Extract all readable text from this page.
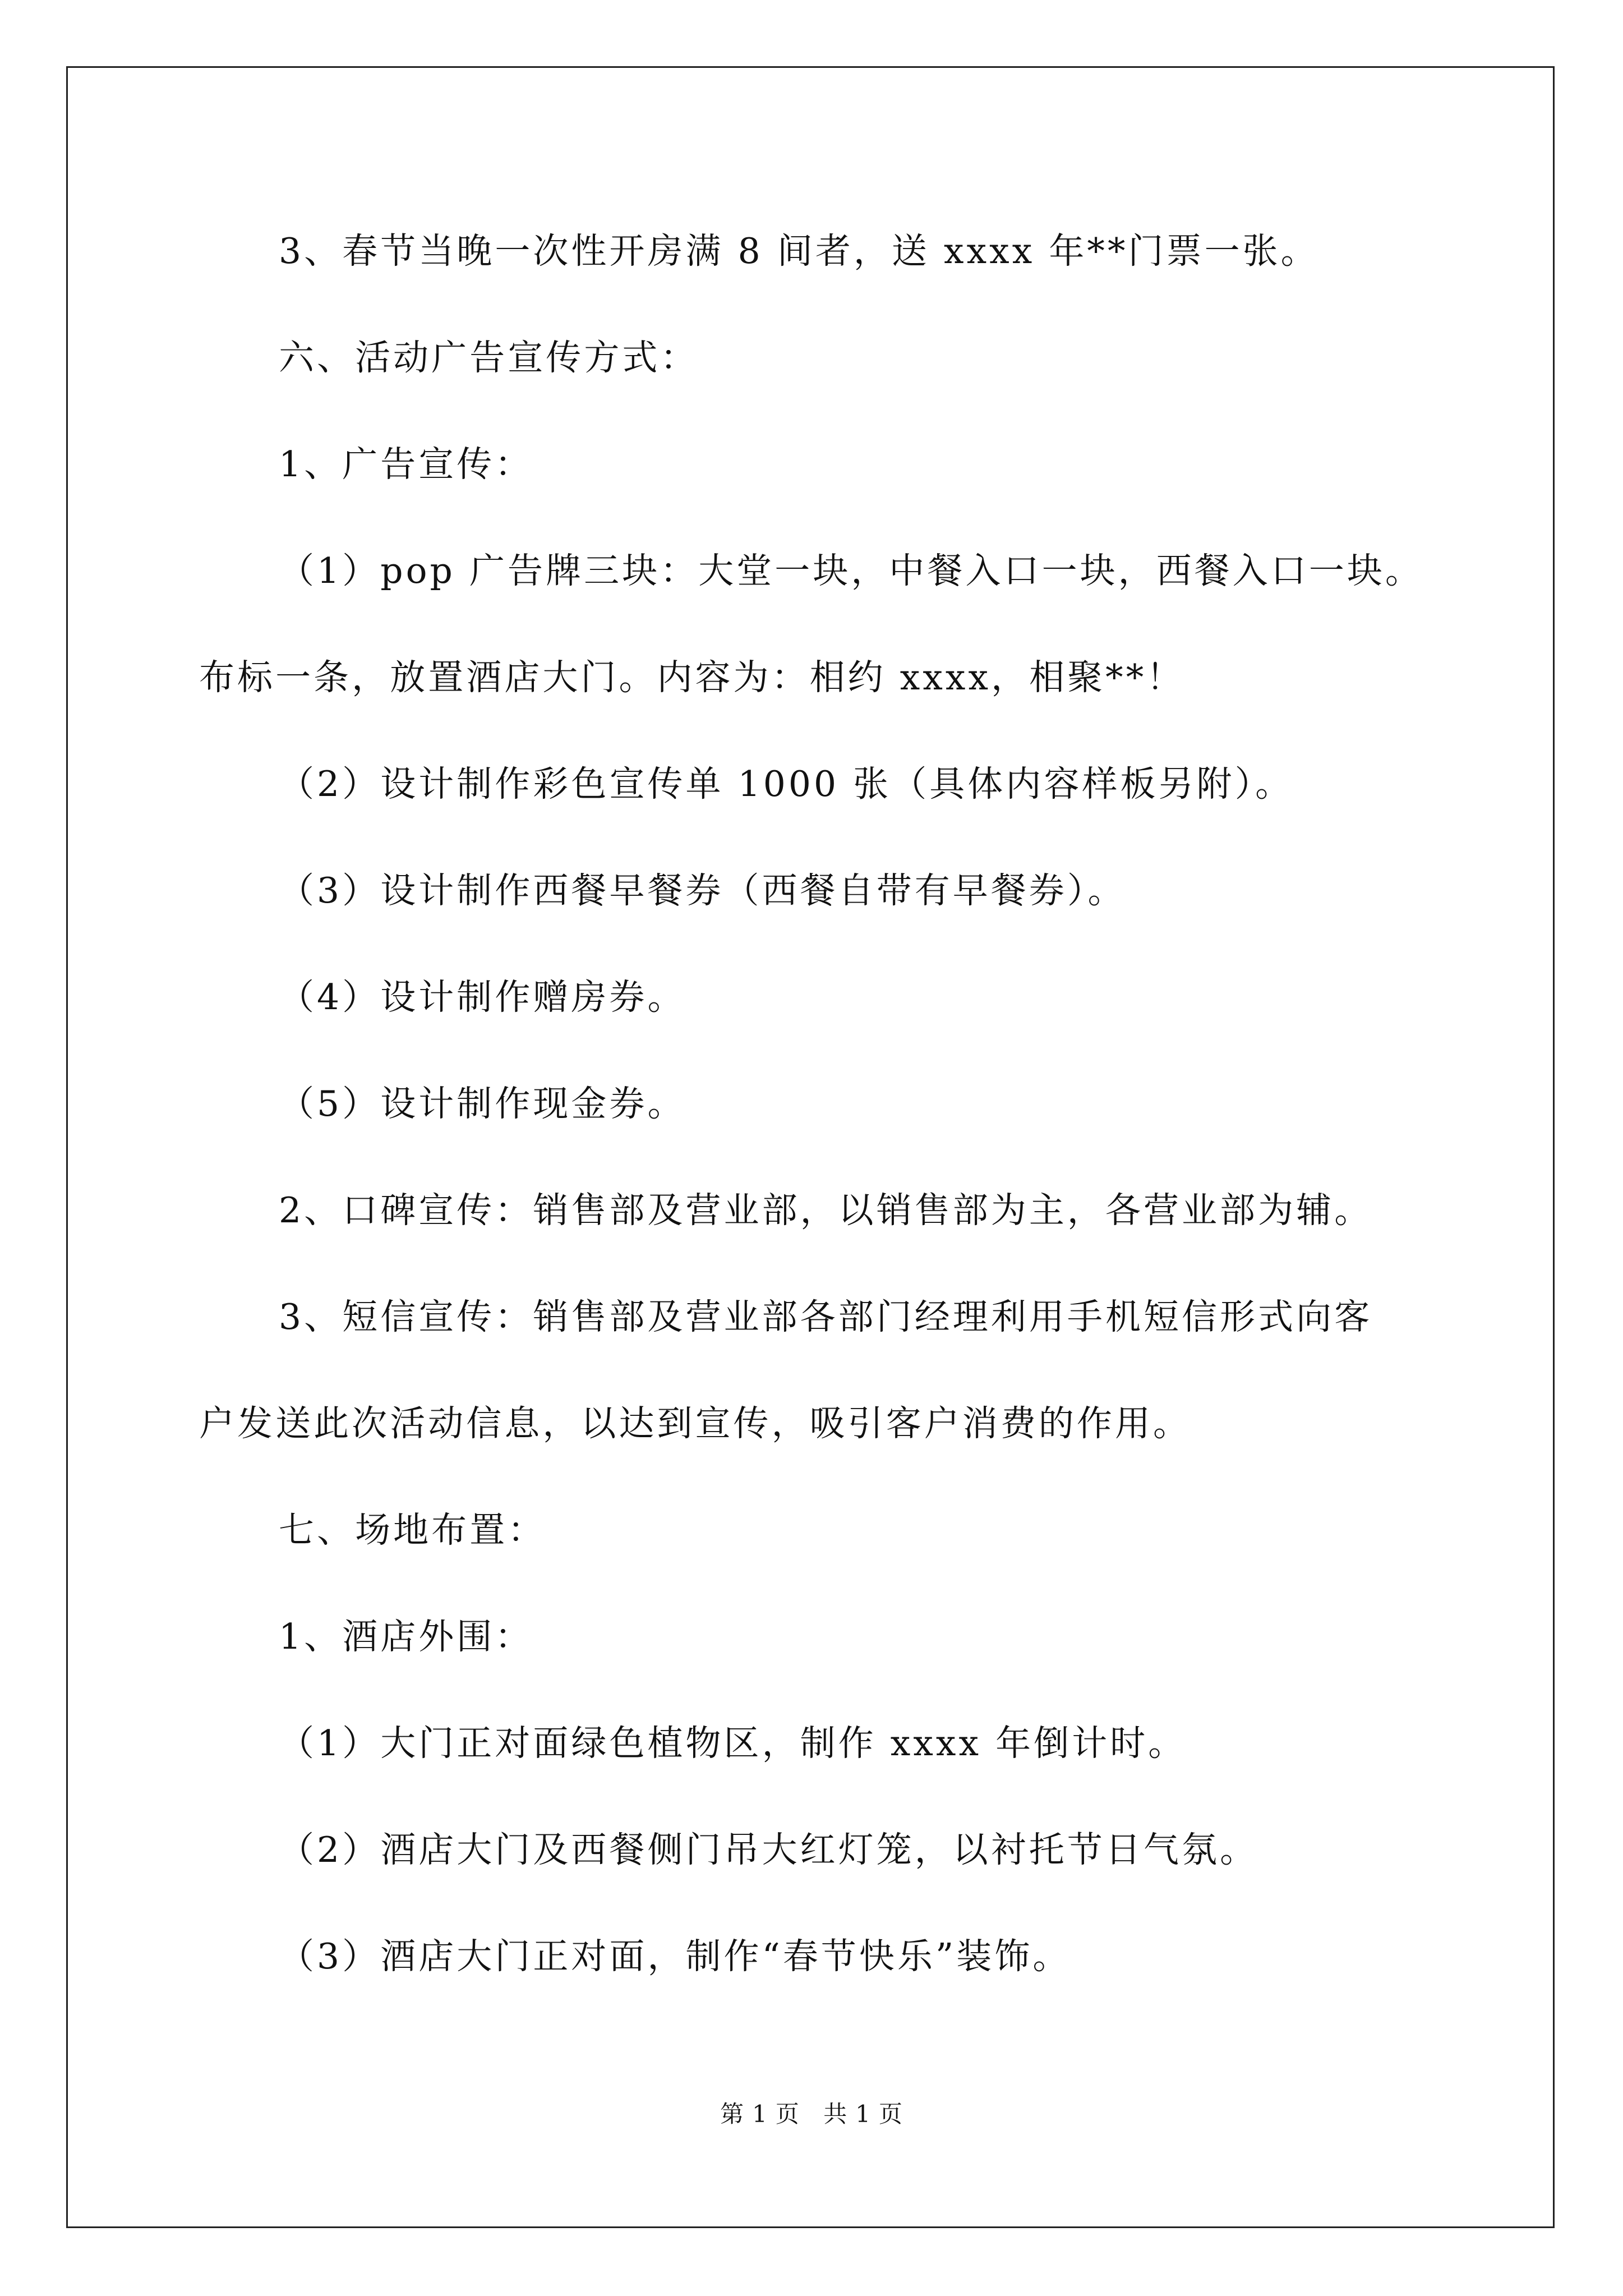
3、春节当晚一次性开房满 8 间者，送 xxxx 年**门票一张。
六、活动广告宣传方式：
1、广告宣传：
（1）pop 广告牌三块：大堂一块，中餐入口一块，西餐入口一块。
布标一条，放置酒店大门。内容为：相约 xxxx，相聚**！
（2）设计制作彩色宣传单 1000 张（具体内容样板另附）。
（3）设计制作西餐早餐券（西餐自带有早餐券）。
（4）设计制作赠房券。
（5）设计制作现金券。
2、口碑宣传：销售部及营业部，以销售部为主，各营业部为辅。
3、短信宣传：销售部及营业部各部门经理利用手机短信形式向客
户发送此次活动信息，以达到宣传，吸引客户消费的作用。
七、场地布置：
1、酒店外围：
（1）大门正对面绿色植物区，制作 xxxx 年倒计时。
（2）酒店大门及西餐侧门吊大红灯笼，以衬托节日气氛。
（3）酒店大门正对面，制作“春节快乐”装饰。
第 1 页   共 1 页
